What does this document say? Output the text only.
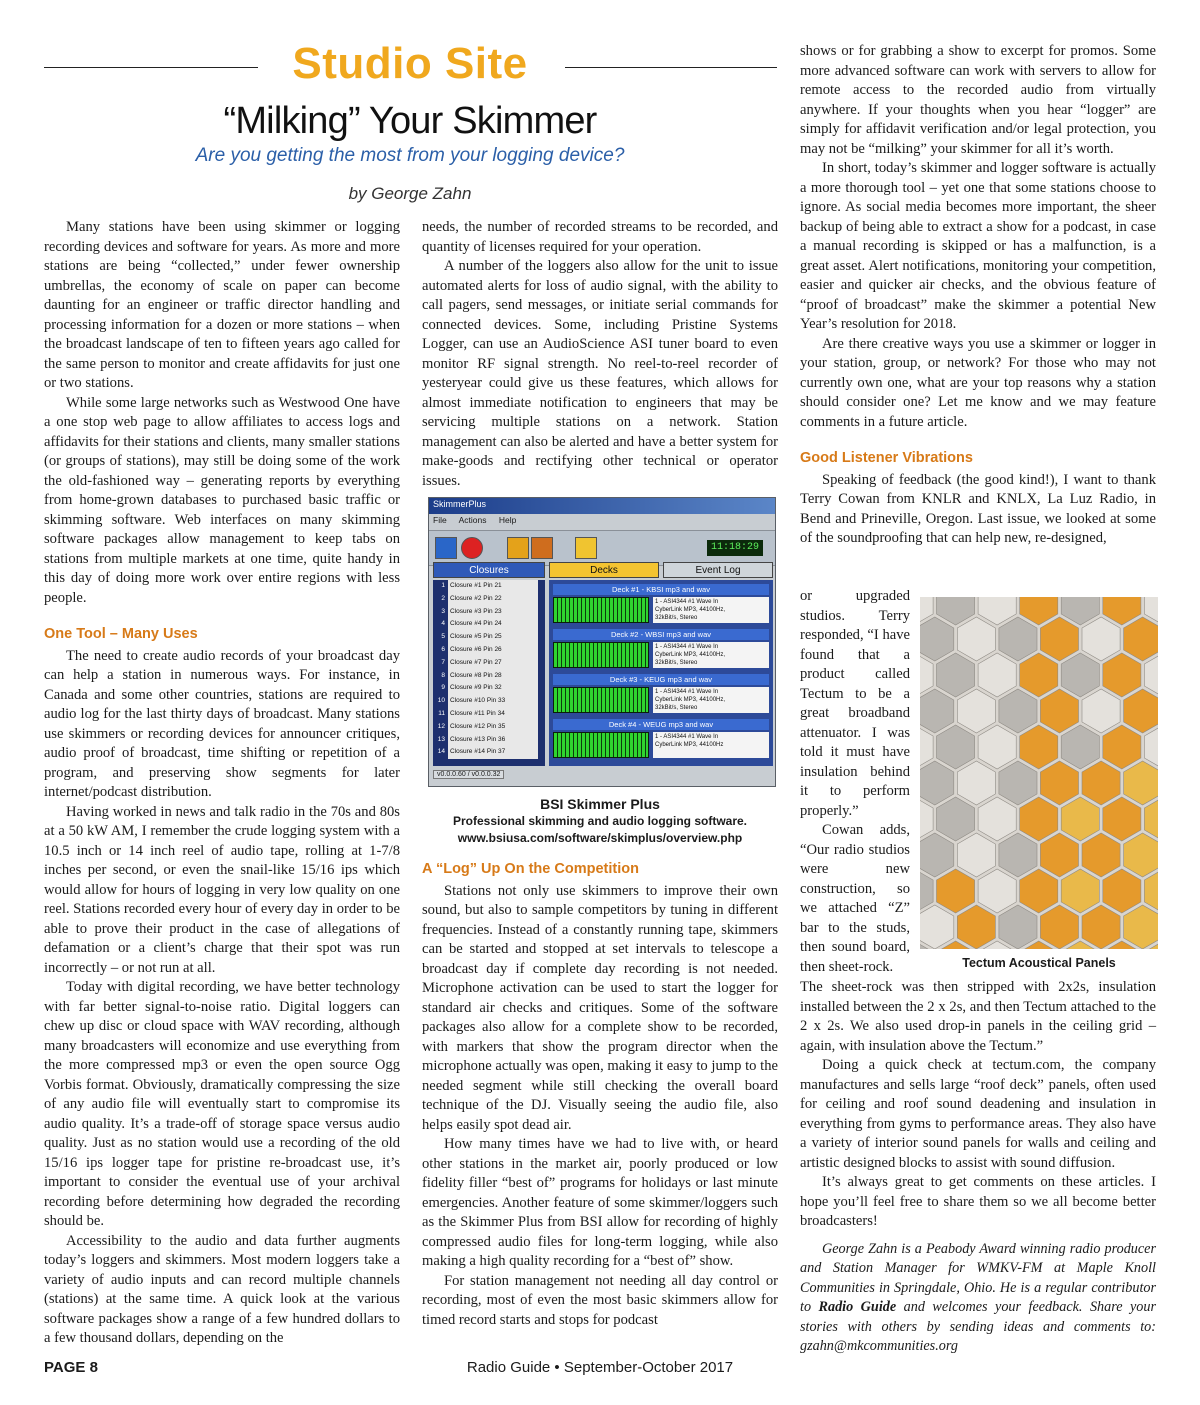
Studio Site
“Milking” Your Skimmer
Are you getting the most from your logging device?
by George Zahn

Many stations have been using skimmer or logging recording devices and software for years. As more and more stations are being “collected,” under fewer ownership umbrellas, the economy of scale on paper can become daunting for an engineer or traffic director handling and processing information for a dozen or more stations – when the broadcast landscape of ten to fifteen years ago called for the same person to monitor and create affidavits for just one or two stations.

While some large networks such as Westwood One have a one stop web page to allow affiliates to access logs and affidavits for their stations and clients, many smaller stations (or groups of stations), may still be doing some of the work the old-fashioned way – generating reports by everything from home-grown databases to purchased basic traffic or skimming software. Web interfaces on many skimming software packages allow management to keep tabs on stations from multiple markets at one time, quite handy in this day of doing more work over entire regions with less people.

One Tool – Many Uses

The need to create audio records of your broadcast day can help a station in numerous ways. For instance, in Canada and some other countries, stations are required to audio log for the last thirty days of broadcast. Many stations use skimmers or recording devices for announcer critiques, audio proof of broadcast, time shifting or repetition of a program, and preserving show segments for later internet/podcast distribution.

Having worked in news and talk radio in the 70s and 80s at a 50 kW AM, I remember the crude logging system with a 10.5 inch or 14 inch reel of audio tape, rolling at 1-7/8 inches per second, or even the snail-like 15/16 ips which would allow for hours of logging in very low quality on one reel. Stations recorded every hour of every day in order to be able to prove their product in the case of allegations of defamation or a client’s charge that their spot was run incorrectly – or not run at all.

Today with digital recording, we have better technology with far better signal-to-noise ratio. Digital loggers can chew up disc or cloud space with WAV recording, although many broadcasters will economize and use everything from the more compressed mp3 or even the open source Ogg Vorbis format. Obviously, dramatically compressing the size of any audio file will eventually start to compromise its audio quality. It’s a trade-off of storage space versus audio quality. Just as no station would use a recording of the old 15/16 ips logger tape for pristine re-broadcast use, it’s important to consider the eventual use of your archival recording before determining how degraded the recording should be.

Accessibility to the audio and data further augments today’s loggers and skimmers. Most modern loggers take a variety of audio inputs and can record multiple channels (stations) at the same time. A quick look at the various software packages show a range of a few hundred dollars to a few thousand dollars, depending on the

needs, the number of recorded streams to be recorded, and quantity of licenses required for your operation.

A number of the loggers also allow for the unit to issue automated alerts for loss of audio signal, with the ability to call pagers, send messages, or initiate serial commands for connected devices. Some, including Pristine Systems Logger, can use an AudioScience ASI tuner board to even monitor RF signal strength. No reel-to-reel recorder of yesteryear could give us these features, which allows for almost immediate notification to engineers that may be servicing multiple stations on a network. Station management can also be alerted and have a better system for make-goods and rectifying other technical or operator issues.

SkimmerPlus
File Actions Help
11:18:29
Closures	Decks	Event Log
1 Closure #1 Pin 21
2 Closure #2 Pin 22
3 Closure #3 Pin 23
4 Closure #4 Pin 24
5 Closure #5 Pin 25
6 Closure #6 Pin 26
7 Closure #7 Pin 27
8 Closure #8 Pin 28
9 Closure #9 Pin 32
10 Closure #10 Pin 33
11 Closure #11 Pin 34
12 Closure #12 Pin 35
13 Closure #13 Pin 36
14 Closure #14 Pin 37
Deck #1 - KBSI mp3 and wav
1 - ASI4344 #1 Wave In
CyberLink MP3, 44100Hz,
32kBit/s, Stereo
Deck #2 - WBSI mp3 and wav
1 - ASI4344 #1 Wave In
CyberLink MP3, 44100Hz,
32kBit/s, Stereo
Deck #3 - KEUG mp3 and wav
1 - ASI4344 #1 Wave In
CyberLink MP3, 44100Hz,
32kBit/s, Stereo
Deck #4 - WEUG mp3 and wav
1 - ASI4344 #1 Wave In
CyberLink MP3, 44100Hz
v0.0.0.60 / v0.0.0.32
BSI Skimmer Plus
Professional skimming and audio logging software.
www.bsiusa.com/software/skimplus/overview.php

A “Log” Up On the Competition

Stations not only use skimmers to improve their own sound, but also to sample competitors by tuning in different frequencies. Instead of a constantly running tape, skimmers can be started and stopped at set intervals to telescope a broadcast day if complete day recording is not needed. Microphone activation can be used to start the logger for standard air checks and critiques. Some of the software packages also allow for a complete show to be recorded, with markers that show the program director when the microphone actually was open, making it easy to jump to the needed segment while still checking the overall board technique of the DJ. Visually seeing the audio file, also helps easily spot dead air.

How many times have we had to live with, or heard other stations in the market air, poorly produced or low fidelity filler “best of” programs for holidays or last minute emergencies. Another feature of some skimmer/loggers such as the Skimmer Plus from BSI allow for recording of highly compressed audio files for long-term logging, while also making a high quality recording for a “best of” show.

For station management not needing all day control or recording, most of even the most basic skimmers allow for timed record starts and stops for podcast

shows or for grabbing a show to excerpt for promos. Some more advanced software can work with servers to allow for remote access to the recorded audio from virtually anywhere. If your thoughts when you hear “logger” are simply for affidavit verification and/or legal protection, you may not be “milking” your skimmer for all it’s worth.

In short, today’s skimmer and logger software is actually a more thorough tool – yet one that some stations choose to ignore. As social media becomes more important, the sheer backup of being able to extract a show for a podcast, in case a manual recording is skipped or has a malfunction, is a great asset. Alert notifications, monitoring your competition, easier and quicker air checks, and the obvious feature of “proof of broadcast” make the skimmer a potential New Year’s resolution for 2018.

Are there creative ways you use a skimmer or logger in your station, group, or network? For those who may not currently own one, what are your top reasons why a station should consider one? Let me know and we may feature comments in a future article.

Good Listener Vibrations

Speaking of feedback (the good kind!), I want to thank Terry Cowan from KNLR and KNLX, La Luz Radio, in Bend and Prineville, Oregon. Last issue, we looked at some of the soundproofing that can help new, re-designed,

or upgraded studios. Terry responded, “I have found that a product called Tectum to be a great broadband attenuator. I was told it must have insulation behind it to perform properly.”

Cowan adds, “Our radio studios were new construction, so we attached “Z” bar to the studs, then sound board, then sheet-rock.	Tectum Acoustical Panels

The sheet-rock was then stripped with 2x2s, insulation installed between the 2 x 2s, and then Tectum attached to the 2 x 2s. We also used drop-in panels in the ceiling grid – again, with insulation above the Tectum.”

Doing a quick check at tectum.com, the company manufactures and sells large “roof deck” panels, often used for ceiling and roof sound deadening and insulation in everything from gyms to performance areas. They also have a variety of interior sound panels for walls and ceiling and artistic designed blocks to assist with sound diffusion.

It’s always great to get comments on these articles. I hope you’ll feel free to share them so we all become better broadcasters!

George Zahn is a Peabody Award winning radio producer and Station Manager for WMKV-FM at Maple Knoll Communities in Springdale, Ohio. He is a regular contributor to Radio Guide and welcomes your feedback. Share your stories with others by sending ideas and comments to: gzahn@mkcommunities.org

PAGE 8	Radio Guide • September-October 2017
